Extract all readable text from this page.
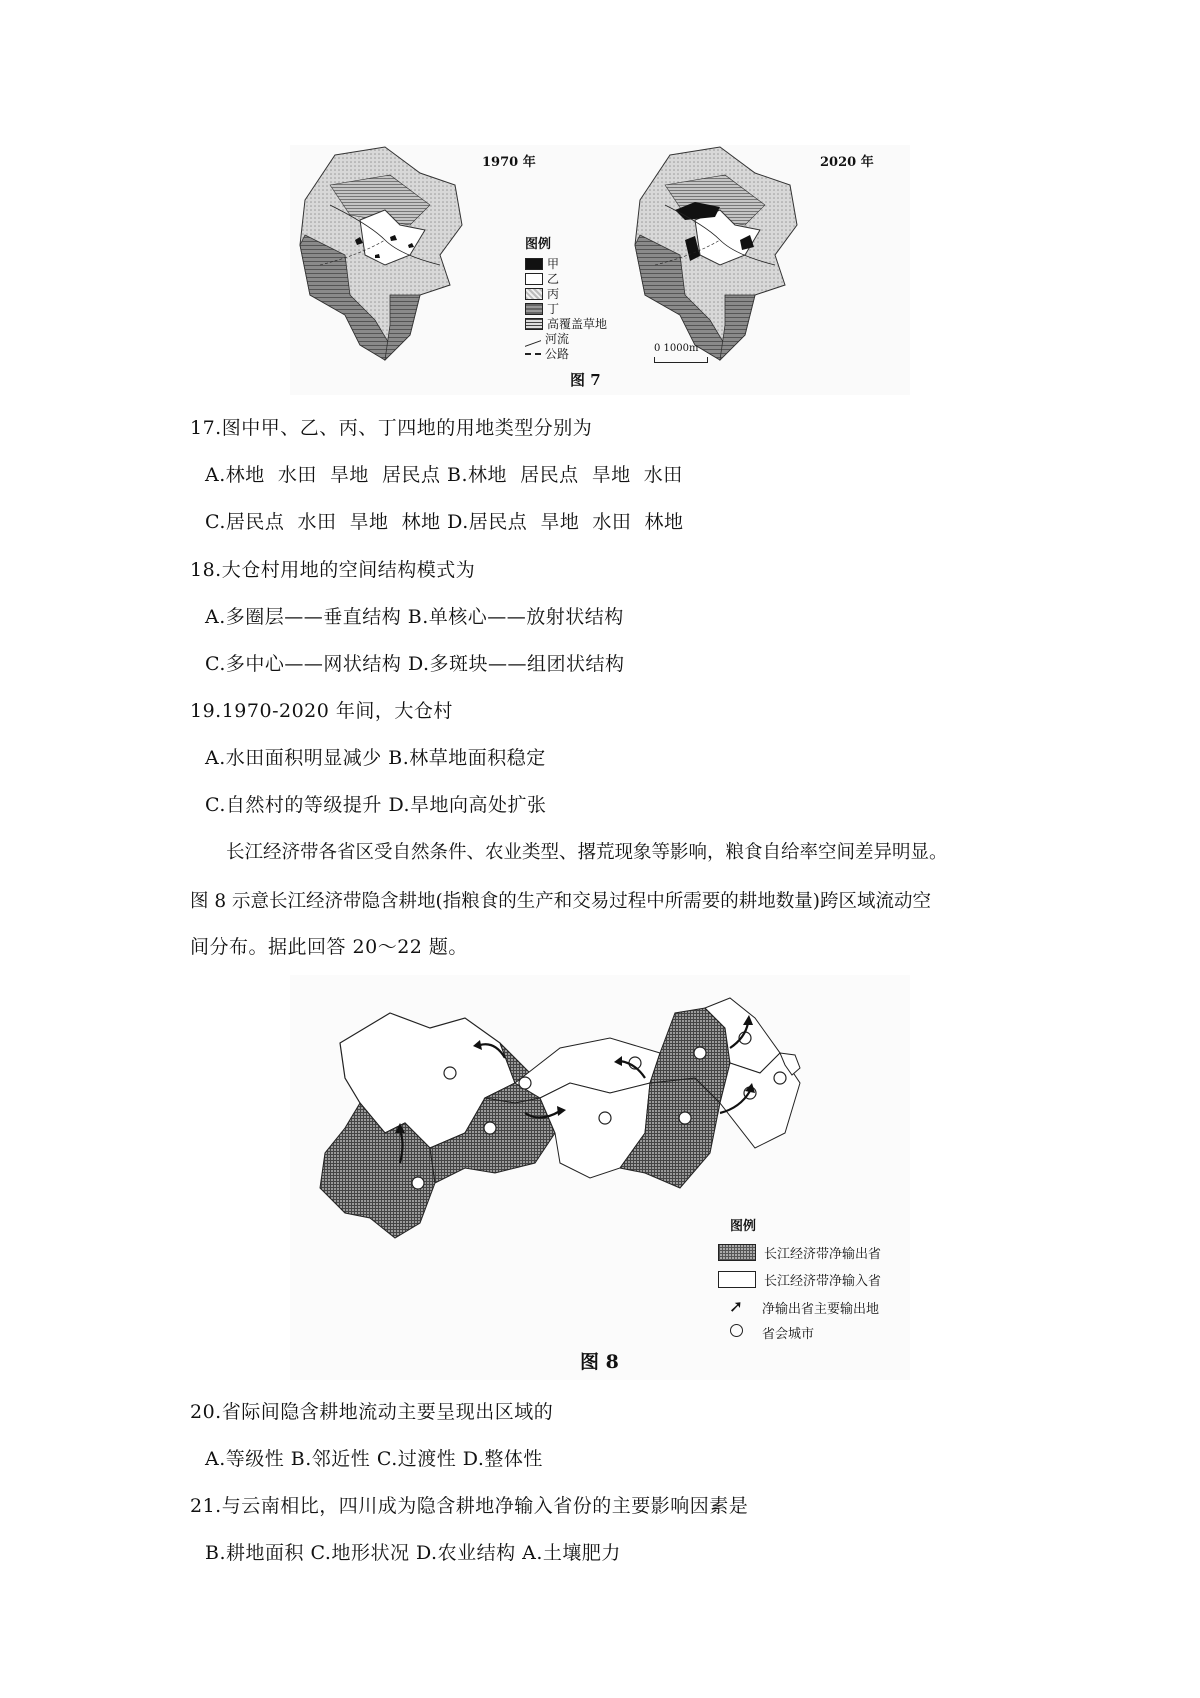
1970 年	2020 年
图例
甲
乙
丙
丁
高覆盖草地
河流
公路	0 1000m
图 7
17.图中甲、乙、丙、丁四地的用地类型分别为
A.林地  水田  旱地  居民点 B.林地  居民点  旱地  水田
C.居民点  水田  旱地  林地 D.居民点  旱地  水田  林地
18.大仓村用地的空间结构模式为
A.多圈层——垂直结构 B.单核心——放射状结构
C.多中心——网状结构 D.多斑块——组团状结构
19.1970-2020 年间，大仓村
A.水田面积明显减少 B.林草地面积稳定
C.自然村的等级提升 D.旱地向高处扩张
长江经济带各省区受自然条件、农业类型、撂荒现象等影响，粮食自给率空间差异明显。
图 8 示意长江经济带隐含耕地(指粮食的生产和交易过程中所需要的耕地数量)跨区域流动空
间分布。据此回答 20～22 题。
图例
长江经济带净输出省
长江经济带净输入省
➚	净输出省主要输出地
省会城市
图 8
20.省际间隐含耕地流动主要呈现出区域的
A.等级性 B.邻近性 C.过渡性 D.整体性
21.与云南相比，四川成为隐含耕地净输入省份的主要影响因素是
B.耕地面积 C.地形状况 D.农业结构 A.土壤肥力
